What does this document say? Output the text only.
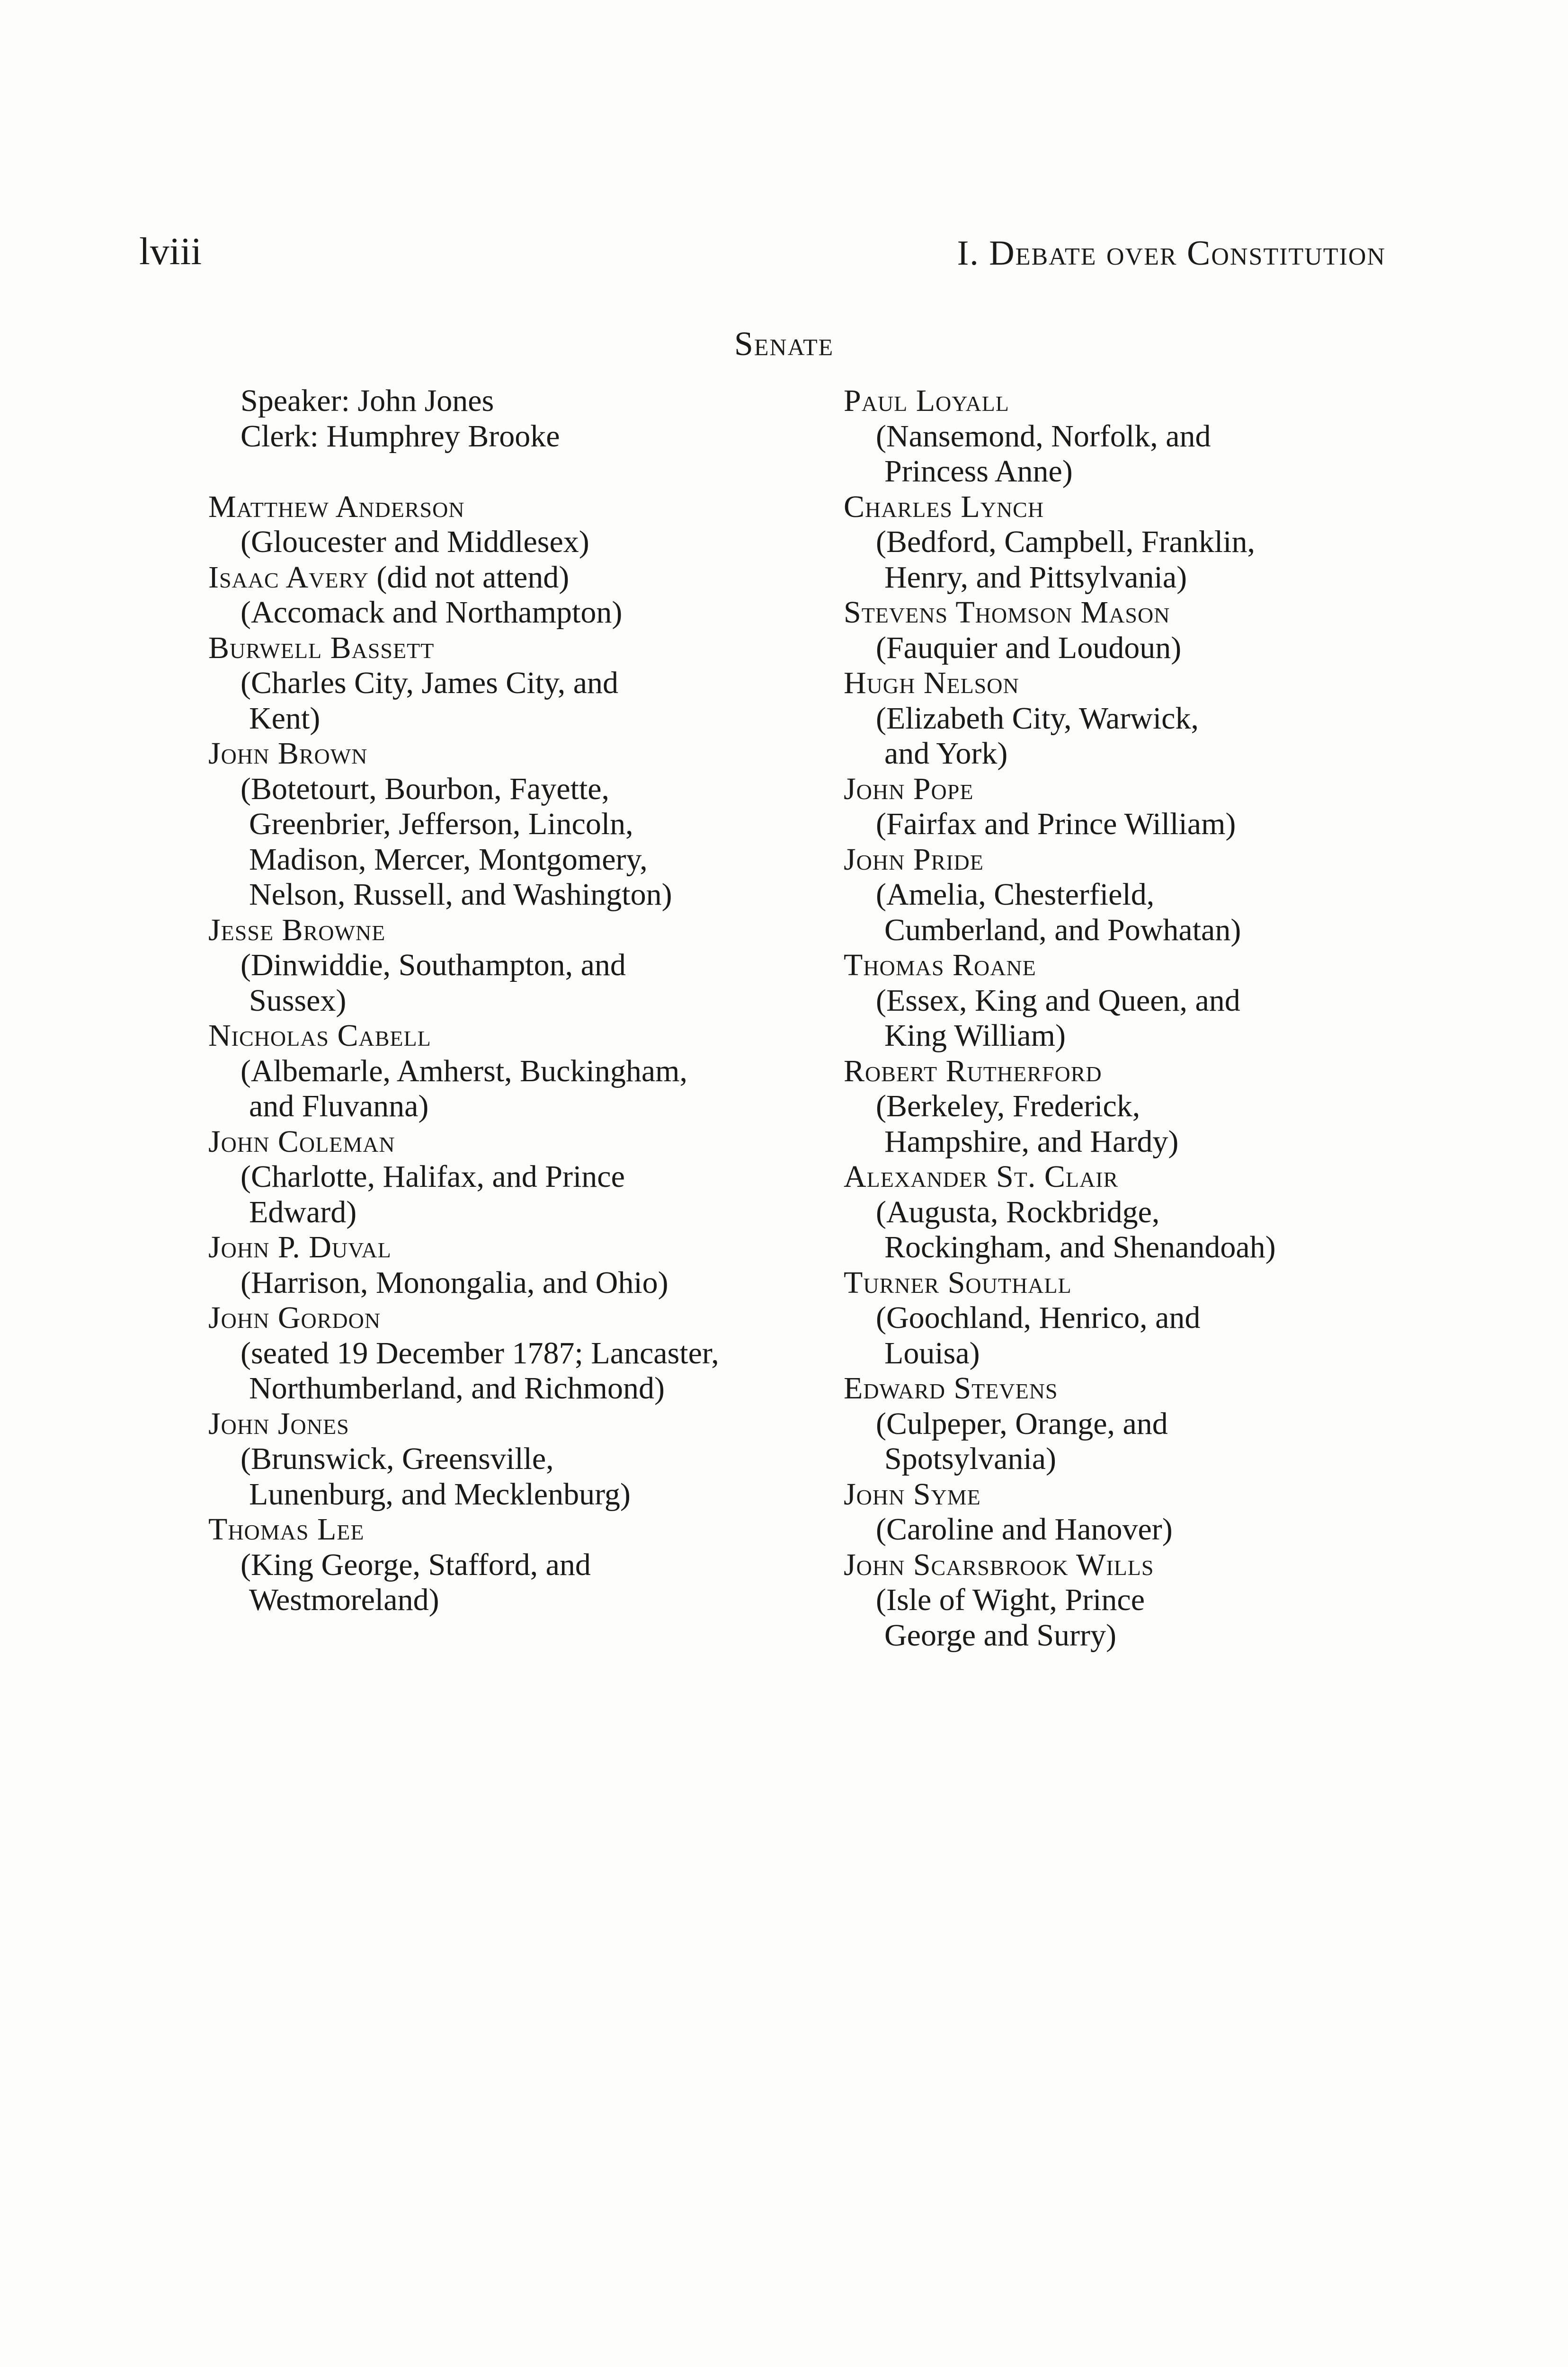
lviii	I. Debate over Constitution
Senate
Speaker: John Jones
Clerk: Humphrey Brooke
Matthew Anderson
(Gloucester and Middlesex)
Isaac Avery (did not attend)
(Accomack and Northampton)
Burwell Bassett
(Charles City, James City, and
Kent)
John Brown
(Botetourt, Bourbon, Fayette,
Greenbrier, Jefferson, Lincoln,
Madison, Mercer, Montgomery,
Nelson, Russell, and Washington)
Jesse Browne
(Dinwiddie, Southampton, and
Sussex)
Nicholas Cabell
(Albemarle, Amherst, Buckingham,
and Fluvanna)
John Coleman
(Charlotte, Halifax, and Prince
Edward)
John P. Duval
(Harrison, Monongalia, and Ohio)
John Gordon
(seated 19 December 1787; Lancaster,
Northumberland, and Richmond)
John Jones
(Brunswick, Greensville,
Lunenburg, and Mecklenburg)
Thomas Lee
(King George, Stafford, and
Westmoreland)
Paul Loyall
(Nansemond, Norfolk, and
Princess Anne)
Charles Lynch
(Bedford, Campbell, Franklin,
Henry, and Pittsylvania)
Stevens Thomson Mason
(Fauquier and Loudoun)
Hugh Nelson
(Elizabeth City, Warwick,
and York)
John Pope
(Fairfax and Prince William)
John Pride
(Amelia, Chesterfield,
Cumberland, and Powhatan)
Thomas Roane
(Essex, King and Queen, and
King William)
Robert Rutherford
(Berkeley, Frederick,
Hampshire, and Hardy)
Alexander St. Clair
(Augusta, Rockbridge,
Rockingham, and Shenandoah)
Turner Southall
(Goochland, Henrico, and
Louisa)
Edward Stevens
(Culpeper, Orange, and
Spotsylvania)
John Syme
(Caroline and Hanover)
John Scarsbrook Wills
(Isle of Wight, Prince
George and Surry)
